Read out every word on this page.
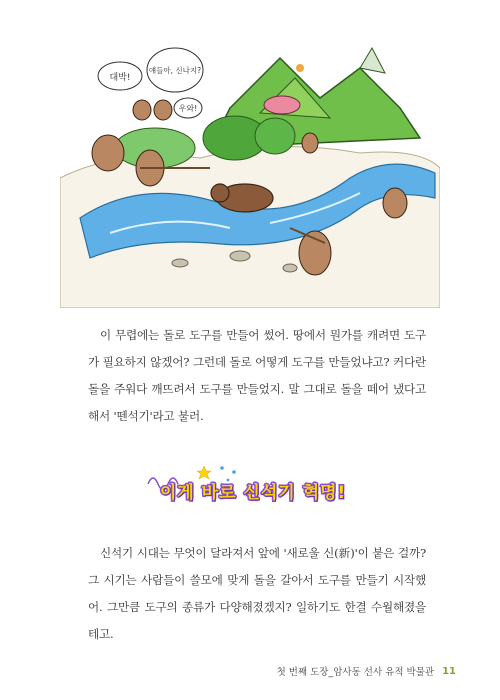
대박!
얘들아, 신나지?
우와!

이 무렵에는 돌로 도구를 만들어 썼어. 땅에서 뭔가를 캐려면 도구가 필요하지 않겠어? 그런데 돌로 어떻게 도구를 만들었냐고? 커다란 돌을 주워다 깨뜨려서 도구를 만들었지. 말 그대로 돌을 떼어 냈다고 해서 '뗀석기'라고 불러.

이게 바로 신석기 혁명!

신석기 시대는 무엇이 달라져서 앞에 '새로울 신(新)'이 붙은 걸까? 그 시기는 사람들이 쓸모에 맞게 돌을 갈아서 도구를 만들기 시작했어. 그만큼 도구의 종류가 다양해졌겠지? 일하기도 한결 수월해졌을 테고.

첫 번째 도장_암사동 선사 유적 박물관 11
